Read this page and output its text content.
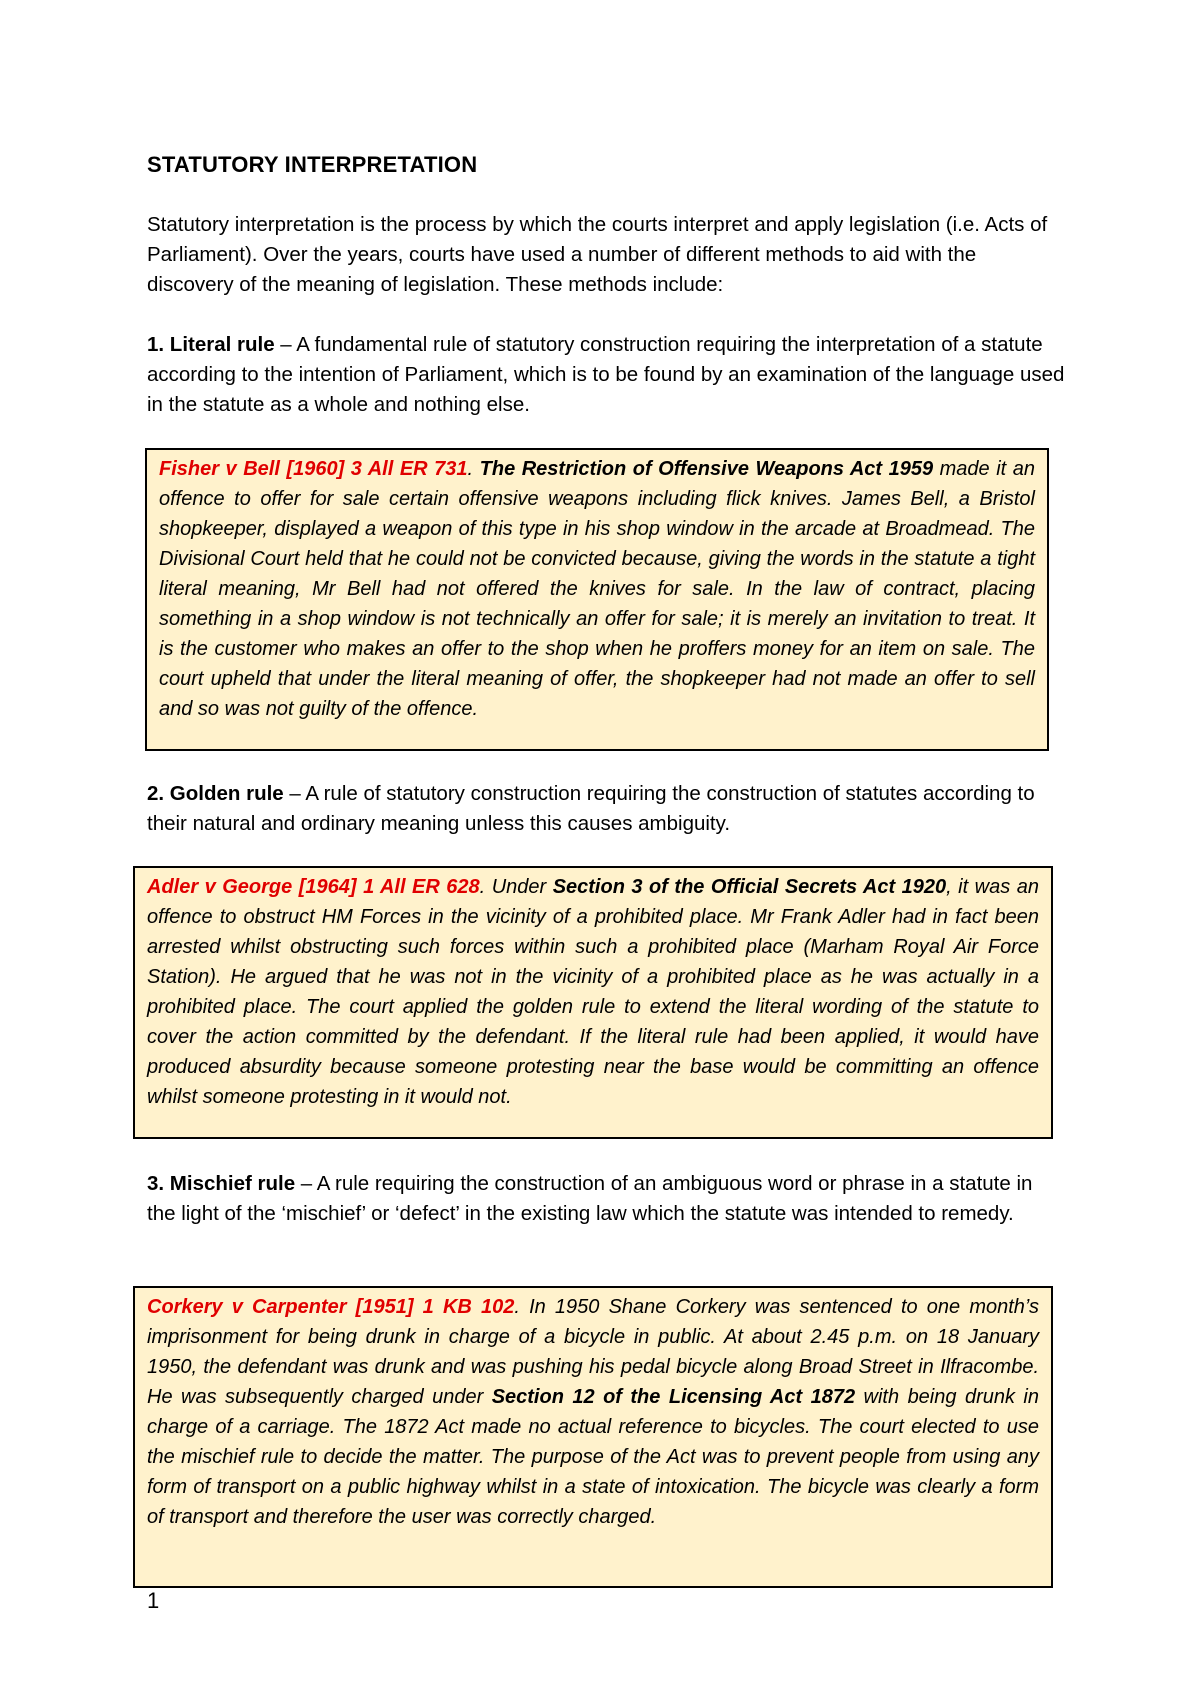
STATUTORY INTERPRETATION
Statutory interpretation is the process by which the courts interpret and apply legislation (i.e. Acts of Parliament). Over the years, courts have used a number of different methods to aid with the discovery of the meaning of legislation. These methods include:
1. Literal rule – A fundamental rule of statutory construction requiring the interpretation of a statute according to the intention of Parliament, which is to be found by an examination of the language used in the statute as a whole and nothing else.
Fisher v Bell [1960] 3 All ER 731. The Restriction of Offensive Weapons Act 1959 made it an offence to offer for sale certain offensive weapons including flick knives. James Bell, a Bristol shopkeeper, displayed a weapon of this type in his shop window in the arcade at Broadmead. The Divisional Court held that he could not be convicted because, giving the words in the statute a tight literal meaning, Mr Bell had not offered the knives for sale. In the law of contract, placing something in a shop window is not technically an offer for sale; it is merely an invitation to treat. It is the customer who makes an offer to the shop when he proffers money for an item on sale. The court upheld that under the literal meaning of offer, the shopkeeper had not made an offer to sell and so was not guilty of the offence.
2. Golden rule – A rule of statutory construction requiring the construction of statutes according to their natural and ordinary meaning unless this causes ambiguity.
Adler v George [1964] 1 All ER 628. Under Section 3 of the Official Secrets Act 1920, it was an offence to obstruct HM Forces in the vicinity of a prohibited place. Mr Frank Adler had in fact been arrested whilst obstructing such forces within such a prohibited place (Marham Royal Air Force Station). He argued that he was not in the vicinity of a prohibited place as he was actually in a prohibited place. The court applied the golden rule to extend the literal wording of the statute to cover the action committed by the defendant. If the literal rule had been applied, it would have produced absurdity because someone protesting near the base would be committing an offence whilst someone protesting in it would not.
3. Mischief rule – A rule requiring the construction of an ambiguous word or phrase in a statute in the light of the ‘mischief’ or ‘defect’ in the existing law which the statute was intended to remedy.
Corkery v Carpenter [1951] 1 KB 102. In 1950 Shane Corkery was sentenced to one month’s imprisonment for being drunk in charge of a bicycle in public. At about 2.45 p.m. on 18 January 1950, the defendant was drunk and was pushing his pedal bicycle along Broad Street in Ilfracombe. He was subsequently charged under Section 12 of the Licensing Act 1872 with being drunk in charge of a carriage. The 1872 Act made no actual reference to bicycles. The court elected to use the mischief rule to decide the matter. The purpose of the Act was to prevent people from using any form of transport on a public highway whilst in a state of intoxication. The bicycle was clearly a form of transport and therefore the user was correctly charged.
1
